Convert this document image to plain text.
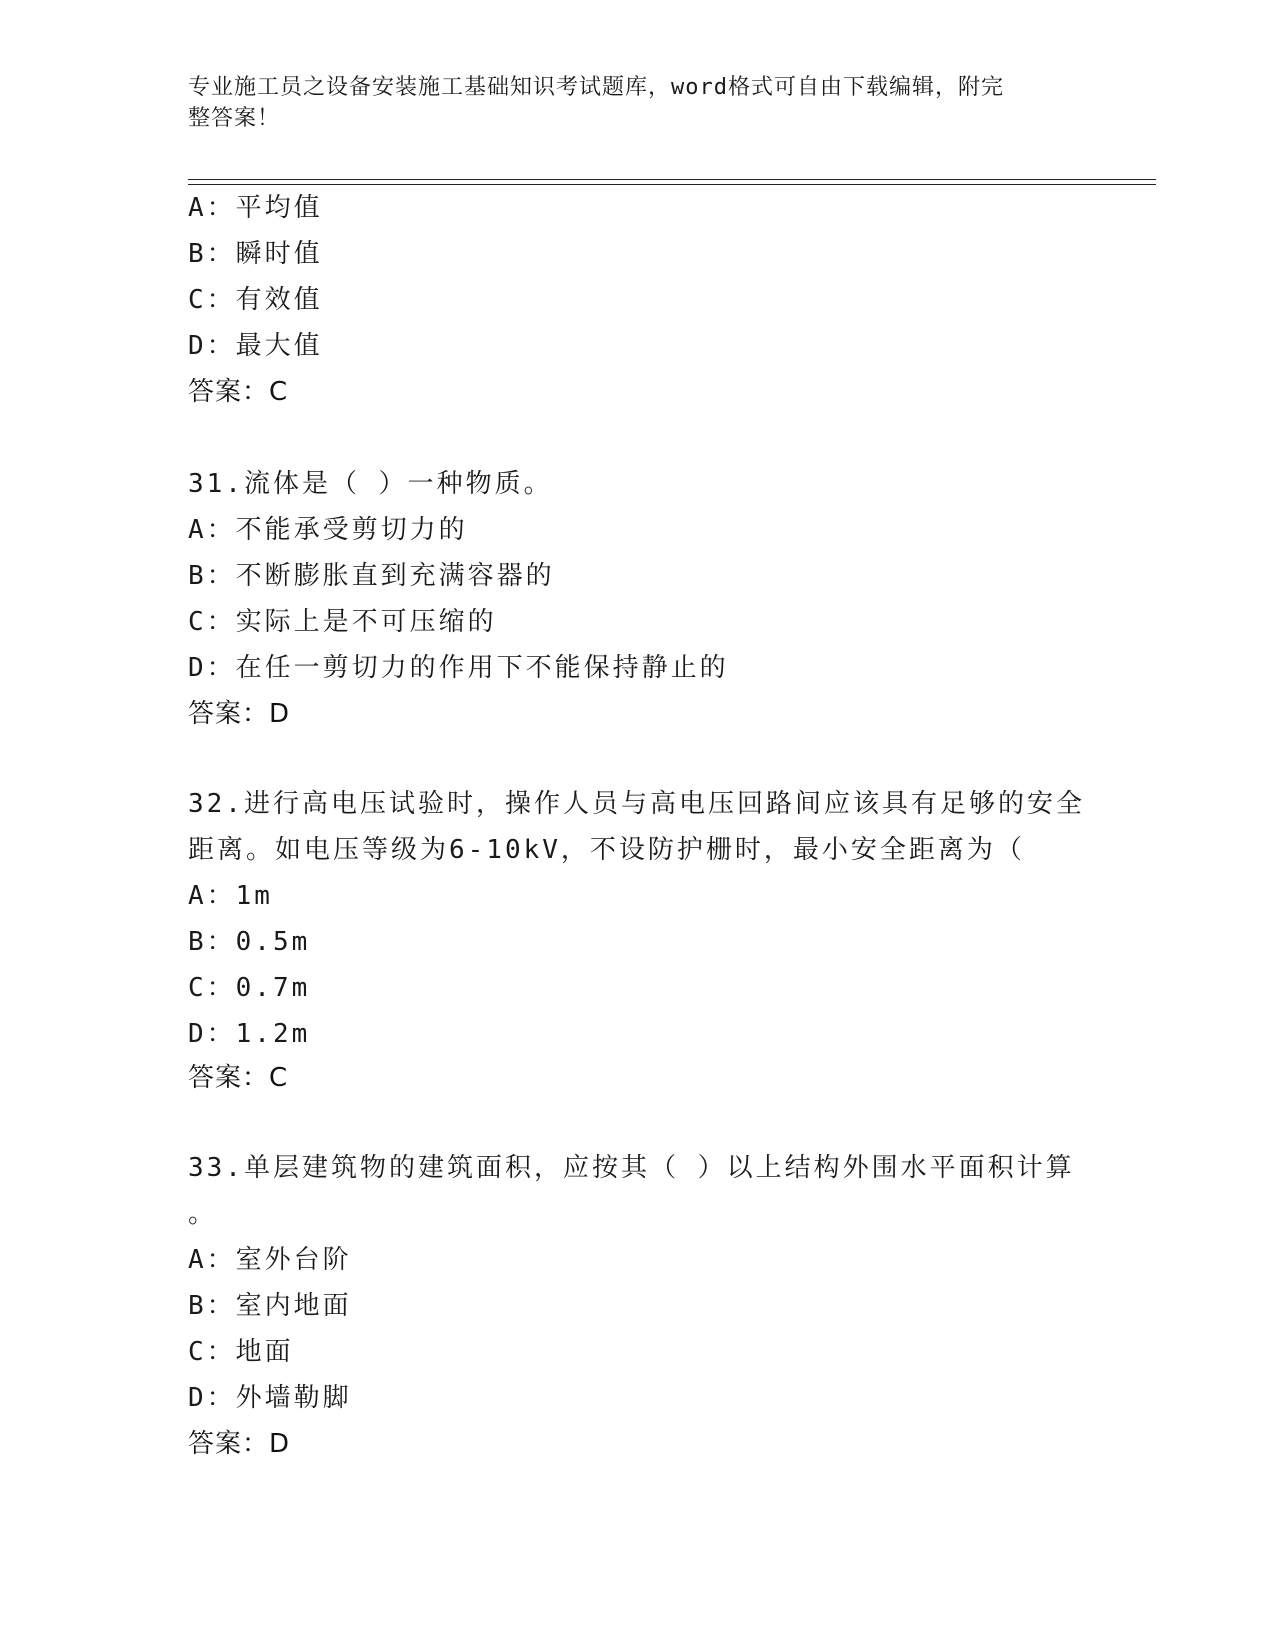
专业施工员之设备安装施工基础知识考试题库，word格式可自由下载编辑，附完
整答案！
A：平均值
B：瞬时值
C：有效值
D：最大值
答案：C
31.流体是（ ）一种物质。
A：不能承受剪切力的
B：不断膨胀直到充满容器的
C：实际上是不可压缩的
D：在任一剪切力的作用下不能保持静止的
答案：D
32.进行高电压试验时，操作人员与高电压回路间应该具有足够的安全
距离。如电压等级为6-10kV，不设防护栅时，最小安全距离为（
A：1m
B：0.5m
C：0.7m
D：1.2m
答案：C
33.单层建筑物的建筑面积，应按其（ ）以上结构外围水平面积计算
。
A：室外台阶
B：室内地面
C：地面
D：外墙勒脚
答案：D
